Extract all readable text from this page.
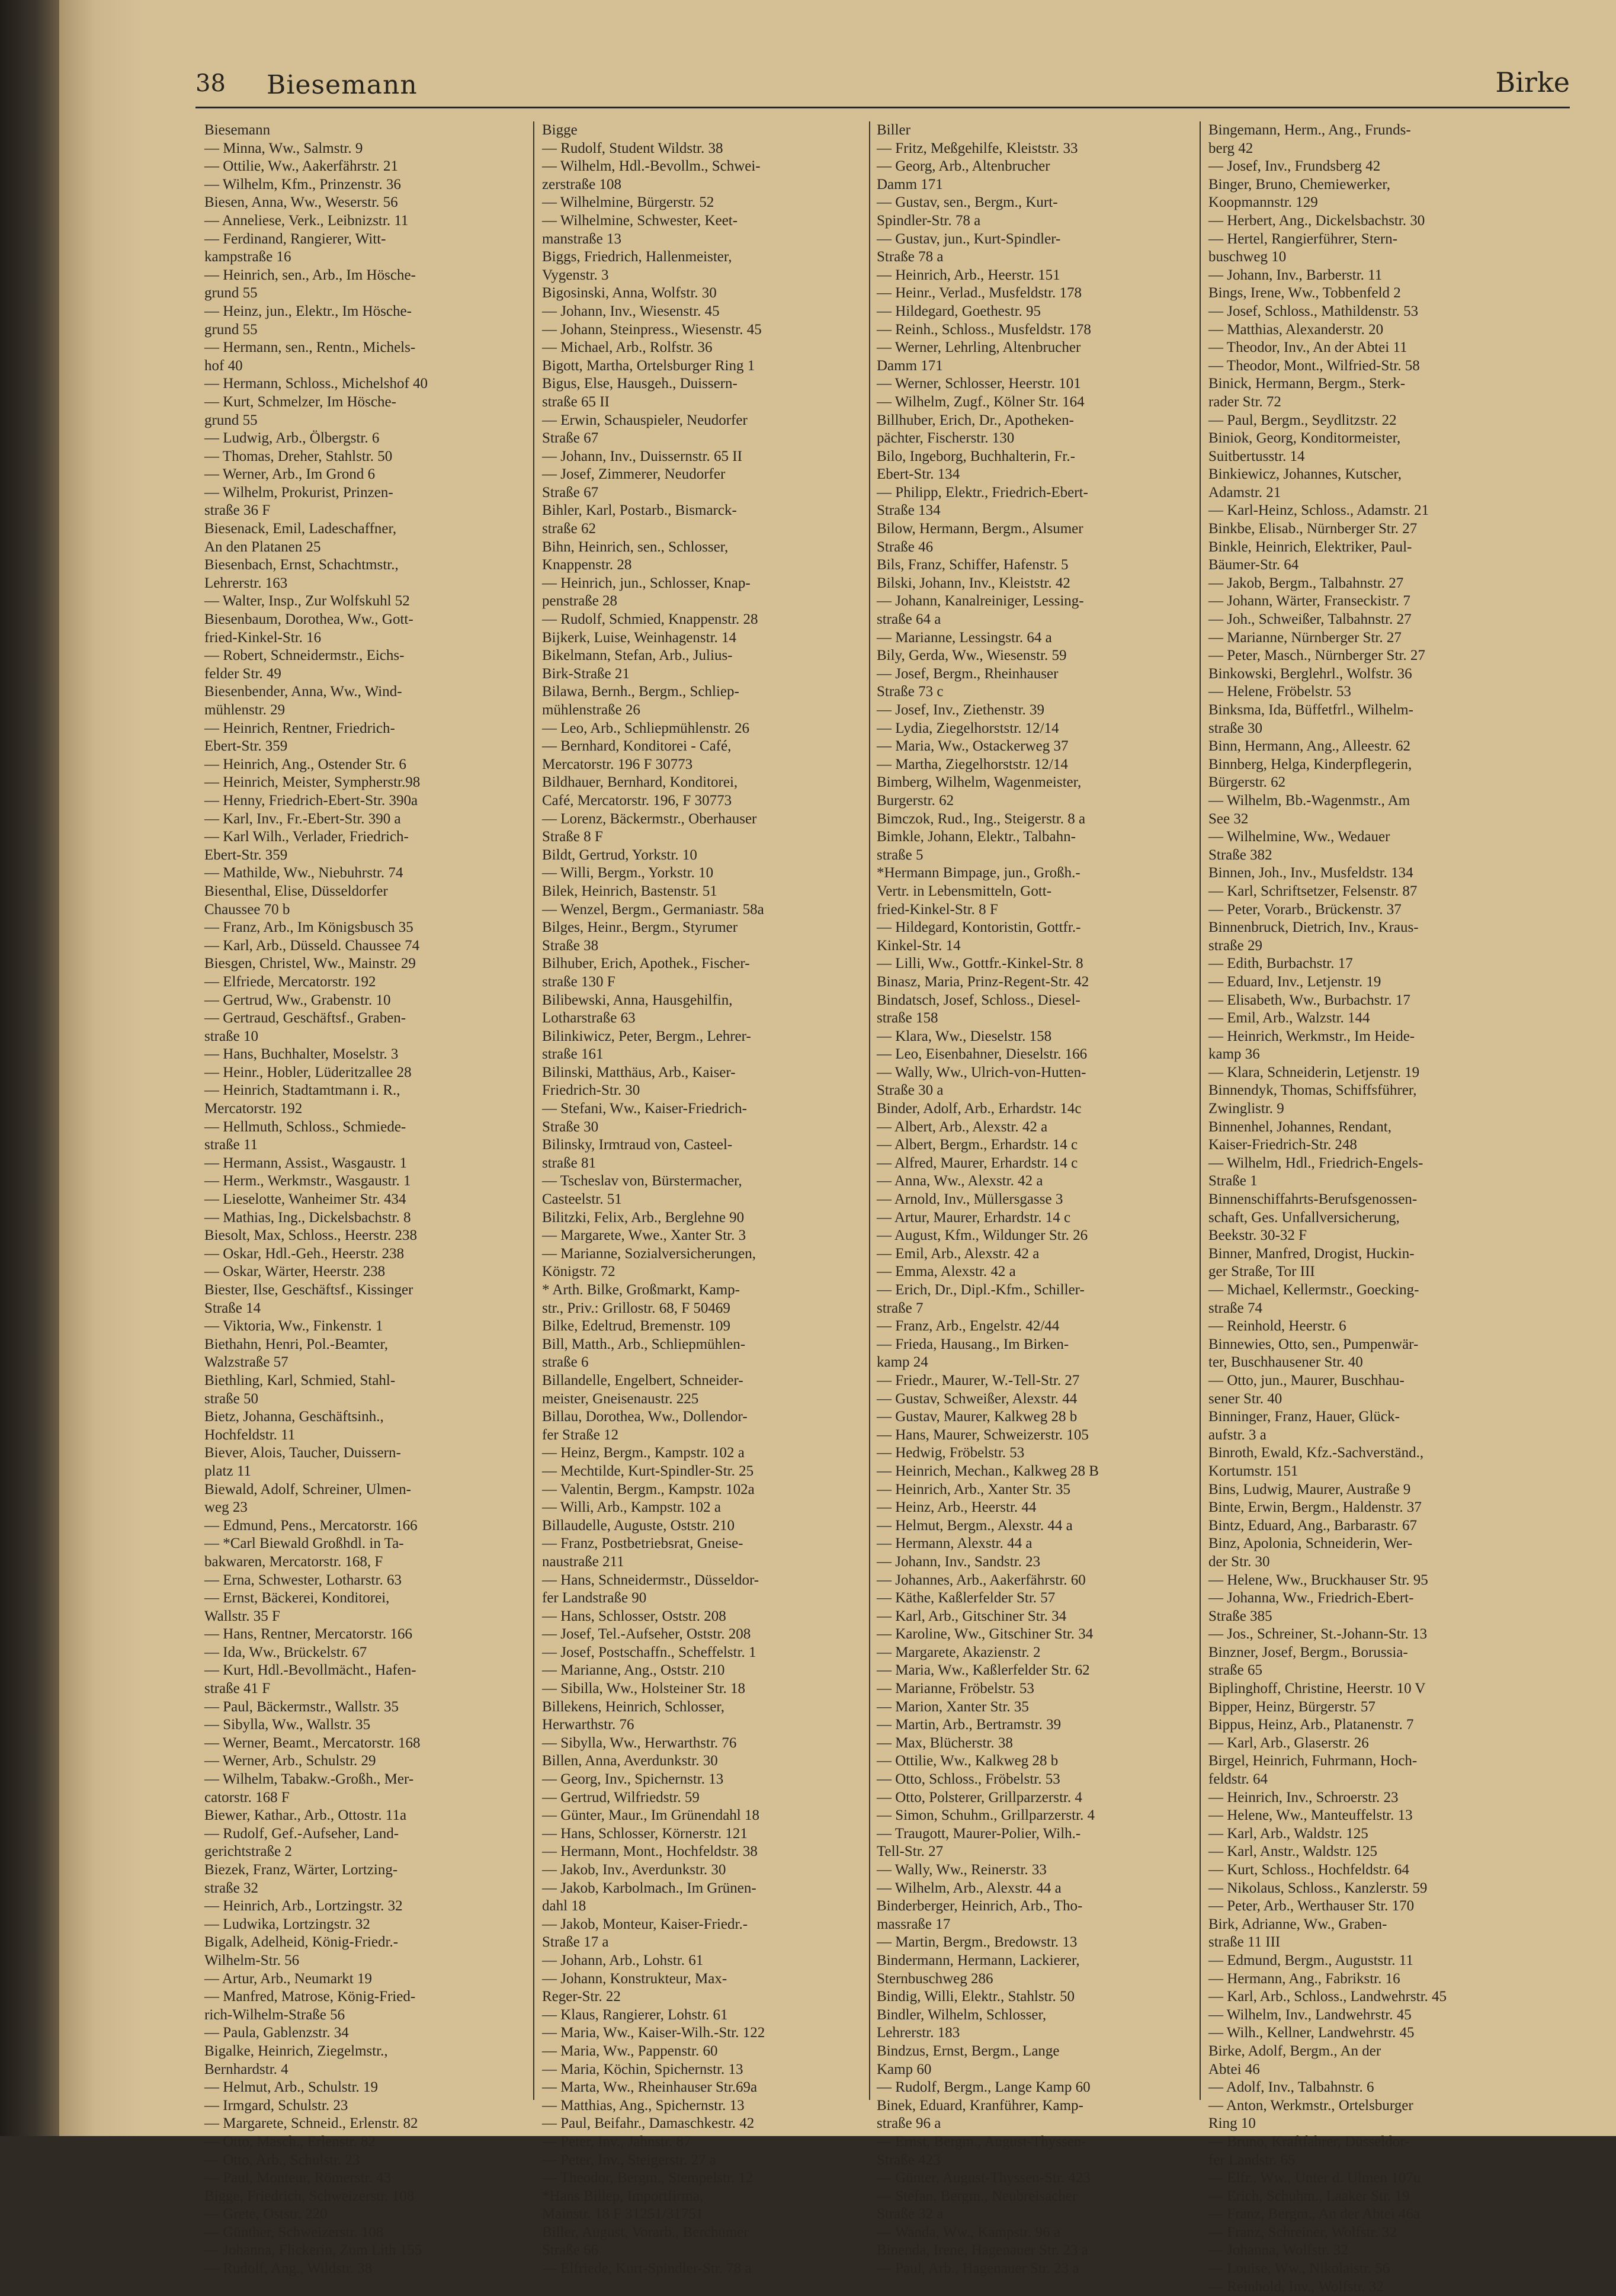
38 Biesemann	Birke
Biesemann
— Minna, Ww., Salmstr. 9
— Ottilie, Ww., Aakerfährstr. 21
— Wilhelm, Kfm., Prinzenstr. 36
Biesen, Anna, Ww., Weserstr. 56
— Anneliese, Verk., Leibnizstr. 11
— Ferdinand, Rangierer, Witt-
kampstraße 16
— Heinrich, sen., Arb., Im Hösche-
grund 55
— Heinz, jun., Elektr., Im Hösche-
grund 55
— Hermann, sen., Rentn., Michels-
hof 40
— Hermann, Schloss., Michelshof 40
— Kurt, Schmelzer, Im Hösche-
grund 55
— Ludwig, Arb., Ölbergstr. 6
— Thomas, Dreher, Stahlstr. 50
— Werner, Arb., Im Grond 6
— Wilhelm, Prokurist, Prinzen-
straße 36 F
Biesenack, Emil, Ladeschaffner,
An den Platanen 25
Biesenbach, Ernst, Schachtmstr.,
Lehrerstr. 163
— Walter, Insp., Zur Wolfskuhl 52
Biesenbaum, Dorothea, Ww., Gott-
fried-Kinkel-Str. 16
— Robert, Schneidermstr., Eichs-
felder Str. 49
Biesenbender, Anna, Ww., Wind-
mühlenstr. 29
— Heinrich, Rentner, Friedrich-
Ebert-Str. 359
— Heinrich, Ang., Ostender Str. 6
— Heinrich, Meister, Sympherstr.98
— Henny, Friedrich-Ebert-Str. 390a
— Karl, Inv., Fr.-Ebert-Str. 390 a
— Karl Wilh., Verlader, Friedrich-
Ebert-Str. 359
— Mathilde, Ww., Niebuhrstr. 74
Biesenthal, Elise, Düsseldorfer
Chaussee 70 b
— Franz, Arb., Im Königsbusch 35
— Karl, Arb., Düsseld. Chaussee 74
Biesgen, Christel, Ww., Mainstr. 29
— Elfriede, Mercatorstr. 192
— Gertrud, Ww., Grabenstr. 10
— Gertraud, Geschäftsf., Graben-
straße 10
— Hans, Buchhalter, Moselstr. 3
— Heinr., Hobler, Lüderitzallee 28
— Heinrich, Stadtamtmann i. R.,
Mercatorstr. 192
— Hellmuth, Schloss., Schmiede-
straße 11
— Hermann, Assist., Wasgaustr. 1
— Herm., Werkmstr., Wasgaustr. 1
— Lieselotte, Wanheimer Str. 434
— Mathias, Ing., Dickelsbachstr. 8
Biesolt, Max, Schloss., Heerstr. 238
— Oskar, Hdl.-Geh., Heerstr. 238
— Oskar, Wärter, Heerstr. 238
Biester, Ilse, Geschäftsf., Kissinger
Straße 14
— Viktoria, Ww., Finkenstr. 1
Biethahn, Henri, Pol.-Beamter,
Walzstraße 57
Biethling, Karl, Schmied, Stahl-
straße 50
Bietz, Johanna, Geschäftsinh.,
Hochfeldstr. 11
Biever, Alois, Taucher, Duissern-
platz 11
Biewald, Adolf, Schreiner, Ulmen-
weg 23
— Edmund, Pens., Mercatorstr. 166
— *Carl Biewald Großhdl. in Ta-
bakwaren, Mercatorstr. 168, F
— Erna, Schwester, Lotharstr. 63
— Ernst, Bäckerei, Konditorei,
Wallstr. 35 F
— Hans, Rentner, Mercatorstr. 166
— Ida, Ww., Brückelstr. 67
— Kurt, Hdl.-Bevollmächt., Hafen-
straße 41 F
— Paul, Bäckermstr., Wallstr. 35
— Sibylla, Ww., Wallstr. 35
— Werner, Beamt., Mercatorstr. 168
— Werner, Arb., Schulstr. 29
— Wilhelm, Tabakw.-Großh., Mer-
catorstr. 168 F
Biewer, Kathar., Arb., Ottostr. 11a
— Rudolf, Gef.-Aufseher, Land-
gerichtstraße 2
Biezek, Franz, Wärter, Lortzing-
straße 32
— Heinrich, Arb., Lortzingstr. 32
— Ludwika, Lortzingstr. 32
Bigalk, Adelheid, König-Friedr.-
Wilhelm-Str. 56
— Artur, Arb., Neumarkt 19
— Manfred, Matrose, König-Fried-
rich-Wilhelm-Straße 56
— Paula, Gablenzstr. 34
Bigalke, Heinrich, Ziegelmstr.,
Bernhardstr. 4
— Helmut, Arb., Schulstr. 19
— Irmgard, Schulstr. 23
— Margarete, Schneid., Erlenstr. 82
— Otto, Masch., Erlenstr. 82
— Otto, Arb., Schulstr. 23
— Paul, Monteur, Römerstr. 43
Bigge, Friedrich, Schweizerstr. 108
— Grete, Oststr. 220
— Günther, Schweizerstr. 108
— Johanna, Flickerin, Zum Lith 155
— Rudolf, Ang., Wildstr. 38
Bigge
— Rudolf, Student Wildstr. 38
— Wilhelm, Hdl.-Bevollm., Schwei-
zerstraße 108
— Wilhelmine, Bürgerstr. 52
— Wilhelmine, Schwester, Keet-
manstraße 13
Biggs, Friedrich, Hallenmeister,
Vygenstr. 3
Bigosinski, Anna, Wolfstr. 30
— Johann, Inv., Wiesenstr. 45
— Johann, Steinpress., Wiesenstr. 45
— Michael, Arb., Rolfstr. 36
Bigott, Martha, Ortelsburger Ring 1
Bigus, Else, Hausgeh., Duissern-
straße 65 II
— Erwin, Schauspieler, Neudorfer
Straße 67
— Johann, Inv., Duissernstr. 65 II
— Josef, Zimmerer, Neudorfer
Straße 67
Bihler, Karl, Postarb., Bismarck-
straße 62
Bihn, Heinrich, sen., Schlosser,
Knappenstr. 28
— Heinrich, jun., Schlosser, Knap-
penstraße 28
— Rudolf, Schmied, Knappenstr. 28
Bijkerk, Luise, Weinhagenstr. 14
Bikelmann, Stefan, Arb., Julius-
Birk-Straße 21
Bilawa, Bernh., Bergm., Schliep-
mühlenstraße 26
— Leo, Arb., Schliepmühlenstr. 26
— Bernhard, Konditorei - Café,
Mercatorstr. 196 F 30773
Bildhauer, Bernhard, Konditorei,
Café, Mercatorstr. 196, F 30773
— Lorenz, Bäckermstr., Oberhauser
Straße 8 F
Bildt, Gertrud, Yorkstr. 10
— Willi, Bergm., Yorkstr. 10
Bilek, Heinrich, Bastenstr. 51
— Wenzel, Bergm., Germaniastr. 58a
Bilges, Heinr., Bergm., Styrumer
Straße 38
Bilhuber, Erich, Apothek., Fischer-
straße 130 F
Bilibewski, Anna, Hausgehilfin,
Lotharstraße 63
Bilinkiwicz, Peter, Bergm., Lehrer-
straße 161
Bilinski, Matthäus, Arb., Kaiser-
Friedrich-Str. 30
— Stefani, Ww., Kaiser-Friedrich-
Straße 30
Bilinsky, Irmtraud von, Casteel-
straße 81
— Tscheslav von, Bürstermacher,
Casteelstr. 51
Bilitzki, Felix, Arb., Berglehne 90
— Margarete, Wwe., Xanter Str. 3
— Marianne, Sozialversicherungen,
Königstr. 72
* Arth. Bilke, Großmarkt, Kamp-
str., Priv.: Grillostr. 68, F 50469
Bilke, Edeltrud, Bremenstr. 109
Bill, Matth., Arb., Schliepmühlen-
straße 6
Billandelle, Engelbert, Schneider-
meister, Gneisenaustr. 225
Billau, Dorothea, Ww., Dollendor-
fer Straße 12
— Heinz, Bergm., Kampstr. 102 a
— Mechtilde, Kurt-Spindler-Str. 25
— Valentin, Bergm., Kampstr. 102a
— Willi, Arb., Kampstr. 102 a
Billaudelle, Auguste, Oststr. 210
— Franz, Postbetriebsrat, Gneise-
naustraße 211
— Hans, Schneidermstr., Düsseldor-
fer Landstraße 90
— Hans, Schlosser, Oststr. 208
— Josef, Tel.-Aufseher, Oststr. 208
— Josef, Postschaffn., Scheffelstr. 1
— Marianne, Ang., Oststr. 210
— Sibilla, Ww., Holsteiner Str. 18
Billekens, Heinrich, Schlosser,
Herwarthstr. 76
— Sibylla, Ww., Herwarthstr. 76
Billen, Anna, Averdunkstr. 30
— Georg, Inv., Spichernstr. 13
— Gertrud, Wilfriedstr. 59
— Günter, Maur., Im Grünendahl 18
— Hans, Schlosser, Körnerstr. 121
— Hermann, Mont., Hochfeldstr. 38
— Jakob, Inv., Averdunkstr. 30
— Jakob, Karbolmach., Im Grünen-
dahl 18
— Jakob, Monteur, Kaiser-Friedr.-
Straße 17 a
— Johann, Arb., Lohstr. 61
— Johann, Konstrukteur, Max-
Reger-Str. 22
— Klaus, Rangierer, Lohstr. 61
— Maria, Ww., Kaiser-Wilh.-Str. 122
— Maria, Ww., Pappenstr. 60
— Maria, Köchin, Spichernstr. 13
— Marta, Ww., Rheinhauser Str.69a
— Matthias, Ang., Spichernstr. 13
— Paul, Beifahr., Damaschkestr. 42
— Peter, Inv., Jahnstr. 87
— Peter, Inv., Steigerstr. 27 a
— Theodor, Bergm., Stempelstr. 12
*Hans Billep, Importfirma,
Mainstr. 18 F 31251/31751
Biller, August, Vorarb., Berchumer
Straße 66
— Elfriede, Kurt-Spindler-Str. 78 a
Biller
— Fritz, Meßgehilfe, Kleiststr. 33
— Georg, Arb., Altenbrucher
Damm 171
— Gustav, sen., Bergm., Kurt-
Spindler-Str. 78 a
— Gustav, jun., Kurt-Spindler-
Straße 78 a
— Heinrich, Arb., Heerstr. 151
— Heinr., Verlad., Musfeldstr. 178
— Hildegard, Goethestr. 95
— Reinh., Schloss., Musfeldstr. 178
— Werner, Lehrling, Altenbrucher
Damm 171
— Werner, Schlosser, Heerstr. 101
— Wilhelm, Zugf., Kölner Str. 164
Billhuber, Erich, Dr., Apotheken-
pächter, Fischerstr. 130
Bilo, Ingeborg, Buchhalterin, Fr.-
Ebert-Str. 134
— Philipp, Elektr., Friedrich-Ebert-
Straße 134
Bilow, Hermann, Bergm., Alsumer
Straße 46
Bils, Franz, Schiffer, Hafenstr. 5
Bilski, Johann, Inv., Kleiststr. 42
— Johann, Kanalreiniger, Lessing-
straße 64 a
— Marianne, Lessingstr. 64 a
Bily, Gerda, Ww., Wiesenstr. 59
— Josef, Bergm., Rheinhauser
Straße 73 c
— Josef, Inv., Ziethenstr. 39
— Lydia, Ziegelhorststr. 12/14
— Maria, Ww., Ostackerweg 37
— Martha, Ziegelhorststr. 12/14
Bimberg, Wilhelm, Wagenmeister,
Burgerstr. 62
Bimczok, Rud., Ing., Steigerstr. 8 a
Bimkle, Johann, Elektr., Talbahn-
straße 5
*Hermann Bimpage, jun., Großh.-
Vertr. in Lebensmitteln, Gott-
fried-Kinkel-Str. 8 F
— Hildegard, Kontoristin, Gottfr.-
Kinkel-Str. 14
— Lilli, Ww., Gottfr.-Kinkel-Str. 8
Binasz, Maria, Prinz-Regent-Str. 42
Bindatsch, Josef, Schloss., Diesel-
straße 158
— Klara, Ww., Dieselstr. 158
— Leo, Eisenbahner, Dieselstr. 166
— Wally, Ww., Ulrich-von-Hutten-
Straße 30 a
Binder, Adolf, Arb., Erhardstr. 14c
— Albert, Arb., Alexstr. 42 a
— Albert, Bergm., Erhardstr. 14 c
— Alfred, Maurer, Erhardstr. 14 c
— Anna, Ww., Alexstr. 42 a
— Arnold, Inv., Müllersgasse 3
— Artur, Maurer, Erhardstr. 14 c
— August, Kfm., Wildunger Str. 26
— Emil, Arb., Alexstr. 42 a
— Emma, Alexstr. 42 a
— Erich, Dr., Dipl.-Kfm., Schiller-
straße 7
— Franz, Arb., Engelstr. 42/44
— Frieda, Hausang., Im Birken-
kamp 24
— Friedr., Maurer, W.-Tell-Str. 27
— Gustav, Schweißer, Alexstr. 44
— Gustav, Maurer, Kalkweg 28 b
— Hans, Maurer, Schweizerstr. 105
— Hedwig, Fröbelstr. 53
— Heinrich, Mechan., Kalkweg 28 B
— Heinrich, Arb., Xanter Str. 35
— Heinz, Arb., Heerstr. 44
— Helmut, Bergm., Alexstr. 44 a
— Hermann, Alexstr. 44 a
— Johann, Inv., Sandstr. 23
— Johannes, Arb., Aakerfährstr. 60
— Käthe, Kaßlerfelder Str. 57
— Karl, Arb., Gitschiner Str. 34
— Karoline, Ww., Gitschiner Str. 34
— Margarete, Akazienstr. 2
— Maria, Ww., Kaßlerfelder Str. 62
— Marianne, Fröbelstr. 53
— Marion, Xanter Str. 35
— Martin, Arb., Bertramstr. 39
— Max, Blücherstr. 38
— Ottilie, Ww., Kalkweg 28 b
— Otto, Schloss., Fröbelstr. 53
— Otto, Polsterer, Grillparzerstr. 4
— Simon, Schuhm., Grillparzerstr. 4
— Traugott, Maurer-Polier, Wilh.-
Tell-Str. 27
— Wally, Ww., Reinerstr. 33
— Wilhelm, Arb., Alexstr. 44 a
Binderberger, Heinrich, Arb., Tho-
massraße 17
— Martin, Bergm., Bredowstr. 13
Bindermann, Hermann, Lackierer,
Sternbuschweg 286
Bindig, Willi, Elektr., Stahlstr. 50
Bindler, Wilhelm, Schlosser,
Lehrerstr. 183
Bindzus, Ernst, Bergm., Lange
Kamp 60
— Rudolf, Bergm., Lange Kamp 60
Binek, Eduard, Kranführer, Kamp-
straße 96 a
— Ernst, Bergm., August-Thyssen-
Straße 423
— Günter, August-Thyssen-Str. 423
— Stefan, Bergm., Neubreisacher
Straße 32 a
— Wanda, Ww., Kampstr. 96 a
Binenda, Irene, Hagenauer Str. 23 a
— Paul, Arb., Hagenauer Str. 23 a
Bingemann, Herm., Ang., Frunds-
berg 42
— Josef, Inv., Frundsberg 42
Binger, Bruno, Chemiewerker,
Koopmannstr. 129
— Herbert, Ang., Dickelsbachstr. 30
— Hertel, Rangierführer, Stern-
buschweg 10
— Johann, Inv., Barberstr. 11
Bings, Irene, Ww., Tobbenfeld 2
— Josef, Schloss., Mathildenstr. 53
— Matthias, Alexanderstr. 20
— Theodor, Inv., An der Abtei 11
— Theodor, Mont., Wilfried-Str. 58
Binick, Hermann, Bergm., Sterk-
rader Str. 72
— Paul, Bergm., Seydlitzstr. 22
Biniok, Georg, Konditormeister,
Suitbertusstr. 14
Binkiewicz, Johannes, Kutscher,
Adamstr. 21
— Karl-Heinz, Schloss., Adamstr. 21
Binkbe, Elisab., Nürnberger Str. 27
Binkle, Heinrich, Elektriker, Paul-
Bäumer-Str. 64
— Jakob, Bergm., Talbahnstr. 27
— Johann, Wärter, Franseckistr. 7
— Joh., Schweißer, Talbahnstr. 27
— Marianne, Nürnberger Str. 27
— Peter, Masch., Nürnberger Str. 27
Binkowski, Berglehrl., Wolfstr. 36
— Helene, Fröbelstr. 53
Binksma, Ida, Büffetfrl., Wilhelm-
straße 30
Binn, Hermann, Ang., Alleestr. 62
Binnberg, Helga, Kinderpflegerin,
Bürgerstr. 62
— Wilhelm, Bb.-Wagenmstr., Am
See 32
— Wilhelmine, Ww., Wedauer
Straße 382
Binnen, Joh., Inv., Musfeldstr. 134
— Karl, Schriftsetzer, Felsenstr. 87
— Peter, Vorarb., Brückenstr. 37
Binnenbruck, Dietrich, Inv., Kraus-
straße 29
— Edith, Burbachstr. 17
— Eduard, Inv., Letjenstr. 19
— Elisabeth, Ww., Burbachstr. 17
— Emil, Arb., Walzstr. 144
— Heinrich, Werkmstr., Im Heide-
kamp 36
— Klara, Schneiderin, Letjenstr. 19
Binnendyk, Thomas, Schiffsführer,
Zwinglistr. 9
Binnenhel, Johannes, Rendant,
Kaiser-Friedrich-Str. 248
— Wilhelm, Hdl., Friedrich-Engels-
Straße 1
Binnenschiffahrts-Berufsgenossen-
schaft, Ges. Unfallversicherung,
Beekstr. 30-32 F
Binner, Manfred, Drogist, Huckin-
ger Straße, Tor III
— Michael, Kellermstr., Goecking-
straße 74
— Reinhold, Heerstr. 6
Binnewies, Otto, sen., Pumpenwär-
ter, Buschhausener Str. 40
— Otto, jun., Maurer, Buschhau-
sener Str. 40
Binninger, Franz, Hauer, Glück-
aufstr. 3 a
Binroth, Ewald, Kfz.-Sachverständ.,
Kortumstr. 151
Bins, Ludwig, Maurer, Austraße 9
Binte, Erwin, Bergm., Haldenstr. 37
Bintz, Eduard, Ang., Barbarastr. 67
Binz, Apolonia, Schneiderin, Wer-
der Str. 30
— Helene, Ww., Bruckhauser Str. 95
— Johanna, Ww., Friedrich-Ebert-
Straße 385
— Jos., Schreiner, St.-Johann-Str. 13
Binzner, Josef, Bergm., Borussia-
straße 65
Biplinghoff, Christine, Heerstr. 10 V
Bipper, Heinz, Bürgerstr. 57
Bippus, Heinz, Arb., Platanenstr. 7
— Karl, Arb., Glaserstr. 26
Birgel, Heinrich, Fuhrmann, Hoch-
feldstr. 64
— Heinrich, Inv., Schroerstr. 23
— Helene, Ww., Manteuffelstr. 13
— Karl, Arb., Waldstr. 125
— Karl, Anstr., Waldstr. 125
— Kurt, Schloss., Hochfeldstr. 64
— Nikolaus, Schloss., Kanzlerstr. 59
— Peter, Arb., Werthauser Str. 170
Birk, Adrianne, Ww., Graben-
straße 11 III
— Edmund, Bergm., Auguststr. 11
— Hermann, Ang., Fabrikstr. 16
— Karl, Arb., Schloss., Landwehrstr. 45
— Wilhelm, Inv., Landwehrstr. 45
— Wilh., Kellner, Landwehrstr. 45
Birke, Adolf, Bergm., An der
Abtei 46
— Adolf, Inv., Talbahnstr. 6
— Anton, Werkmstr., Ortelsburger
Ring 10
— Bruno, Kraftfahrer, Düsseldor-
fer Landstr. 65
— Elfr., Ww., Unter d. Ulmen 107u
— Erich, Schuhm., Laaker Str. 19
— Franz, Bergm., An der Abtei 46a
— Franz, Schreiner, Wolfstr. 32
— Johanna, Wolfstr. 32
— Louise, Ww., Nikolaistr. 56
— Reinhold, Inv., Wolfstr. 32
